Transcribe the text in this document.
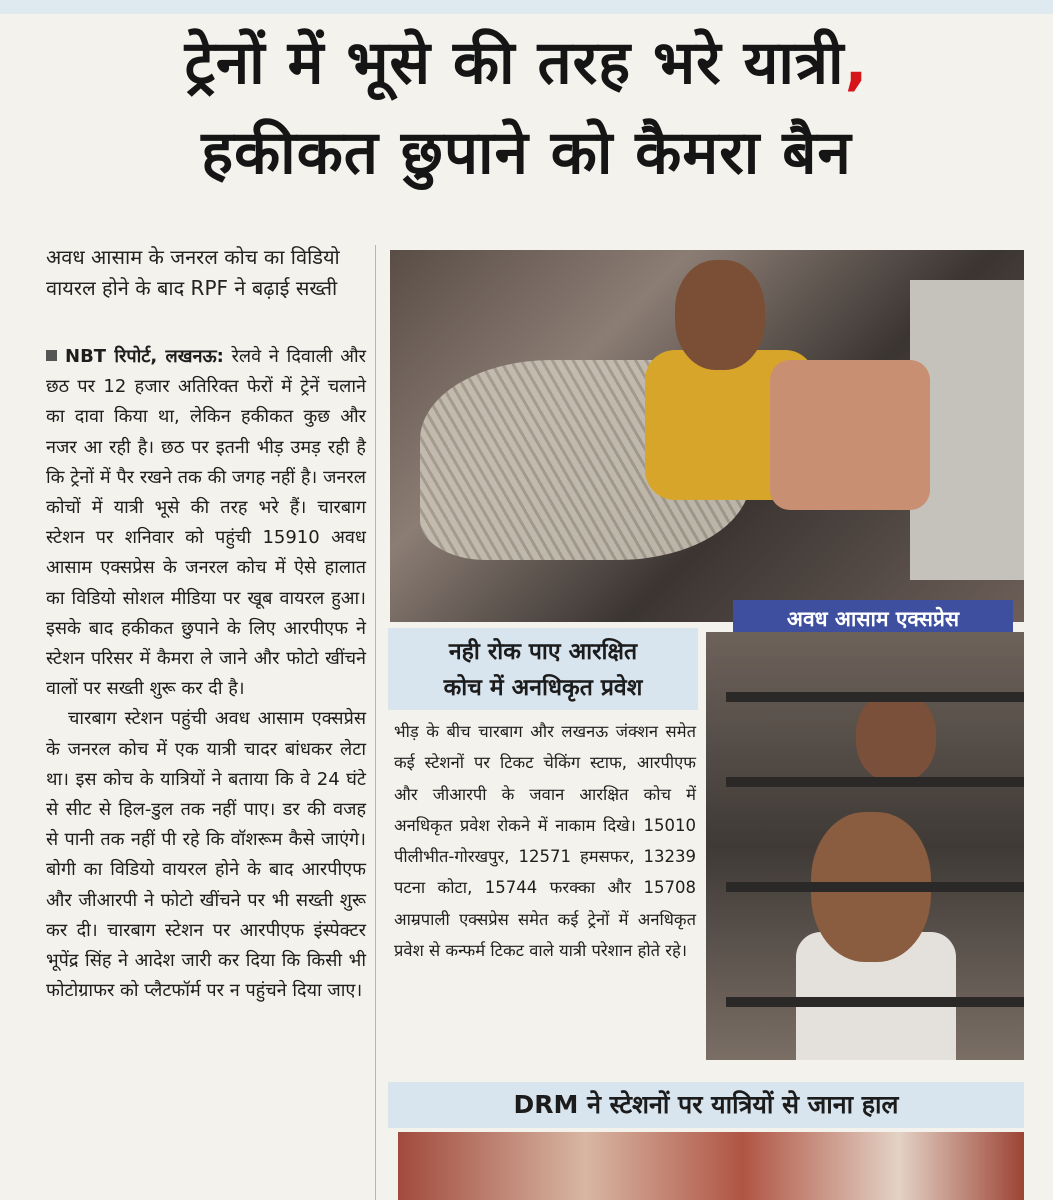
ट्रेनों में भूसे की तरह भरे यात्री,
हकीकत छुपाने को कैमरा बैन
अवध आसाम के जनरल कोच का विडियो वायरल होने के बाद RPF ने बढ़ाई सख्ती

NBT रिपोर्ट, लखनऊ: रेलवे ने दिवाली और छठ पर 12 हजार अतिरिक्त फेरों में ट्रेनें चलाने का दावा किया था, लेकिन हकीकत कुछ और नजर आ रही है। छठ पर इतनी भीड़ उमड़ रही है कि ट्रेनों में पैर रखने तक की जगह नहीं है। जनरल कोचों में यात्री भूसे की तरह भरे हैं। चारबाग स्टेशन पर शनिवार को पहुंची 15910 अवध आसाम एक्सप्रेस के जनरल कोच में ऐसे हालात का विडियो सोशल मीडिया पर खूब वायरल हुआ। इसके बाद हकीकत छुपाने के लिए आरपीएफ ने स्टेशन परिसर में कैमरा ले जाने और फोटो खींचने वालों पर सख्ती शुरू कर दी है।

चारबाग स्टेशन पहुंची अवध आसाम एक्सप्रेस के जनरल कोच में एक यात्री चादर बांधकर लेटा था। इस कोच के यात्रियों ने बताया कि वे 24 घंटे से सीट से हिल-डुल तक नहीं पाए। डर की वजह से पानी तक नहीं पी रहे कि वॉशरूम कैसे जाएंगे। बोगी का विडियो वायरल होने के बाद आरपीएफ और जीआरपी ने फोटो खींचने पर भी सख्ती शुरू कर दी। चारबाग स्टेशन पर आरपीएफ इंस्पेक्टर भूपेंद्र सिंह ने आदेश जारी कर दिया कि किसी भी फोटोग्राफर को प्लैटफॉर्म पर न पहुंचने दिया जाए।

अवध आसाम एक्सप्रेस
नही रोक पाए आरक्षित
कोच में अनधिकृत प्रवेश
भीड़ के बीच चारबाग और लखनऊ जंक्शन समेत कई स्टेशनों पर टिकट चेकिंग स्टाफ, आरपीएफ और जीआरपी के जवान आरक्षित कोच में अनधिकृत प्रवेश रोकने में नाकाम दिखे। 15010 पीलीभीत-गोरखपुर, 12571 हमसफर, 13239 पटना कोटा, 15744 फरक्का और 15708 आम्रपाली एक्सप्रेस समेत कई ट्रेनों में अनधिकृत प्रवेश से कन्फर्म टिकट वाले यात्री परेशान होते रहे।
DRM ने स्टेशनों पर यात्रियों से जाना हाल
